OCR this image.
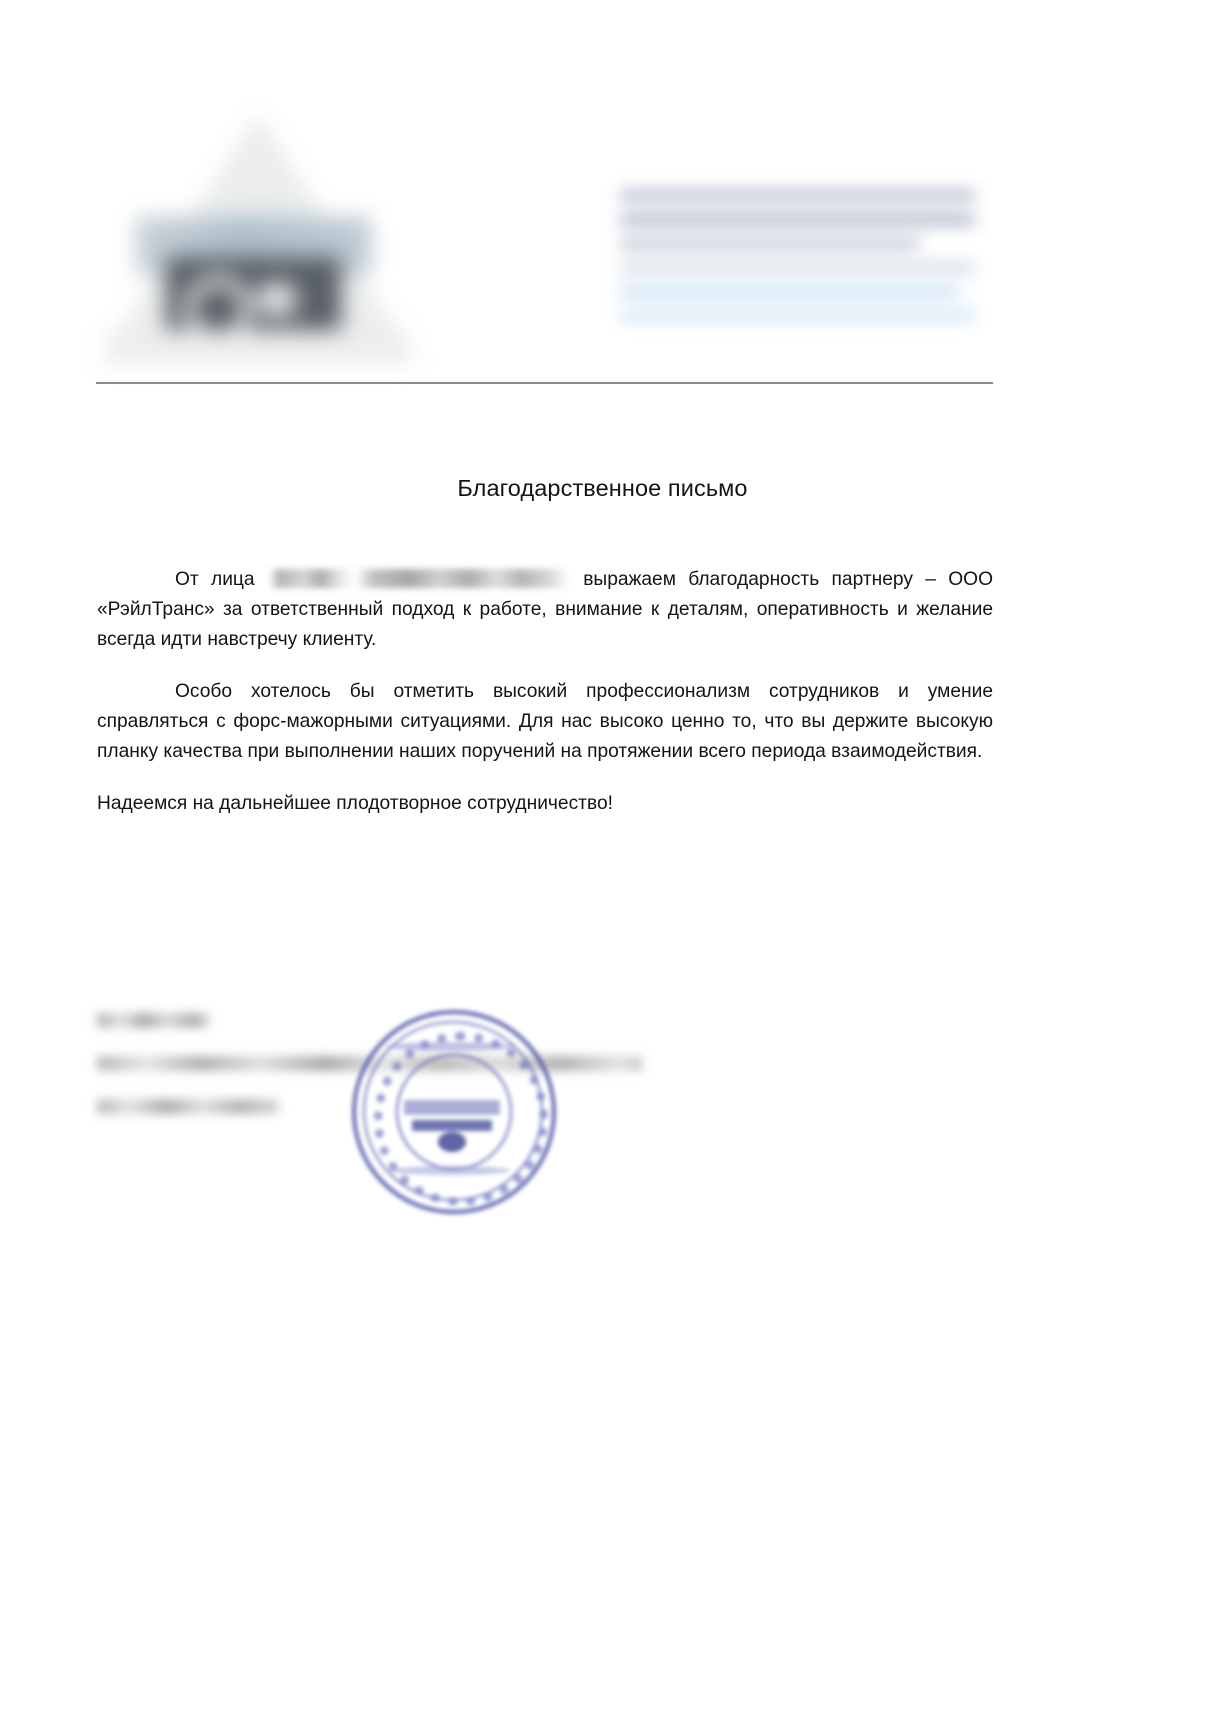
Благодарственное письмо

От лица	выражаем благодарность партнеру – ООО «РэйлТранс» за ответственный подход к работе, внимание к деталям, оперативность и желание всегда идти навстречу клиенту.

Особо хотелось бы отметить высокий профессионализм сотрудников и умение справляться с форс-мажорными ситуациями. Для нас высоко ценно то, что вы держите высокую планку качества при выполнении наших поручений на протяжении всего периода взаимодействия.

Надеемся на дальнейшее плодотворное сотрудничество!
